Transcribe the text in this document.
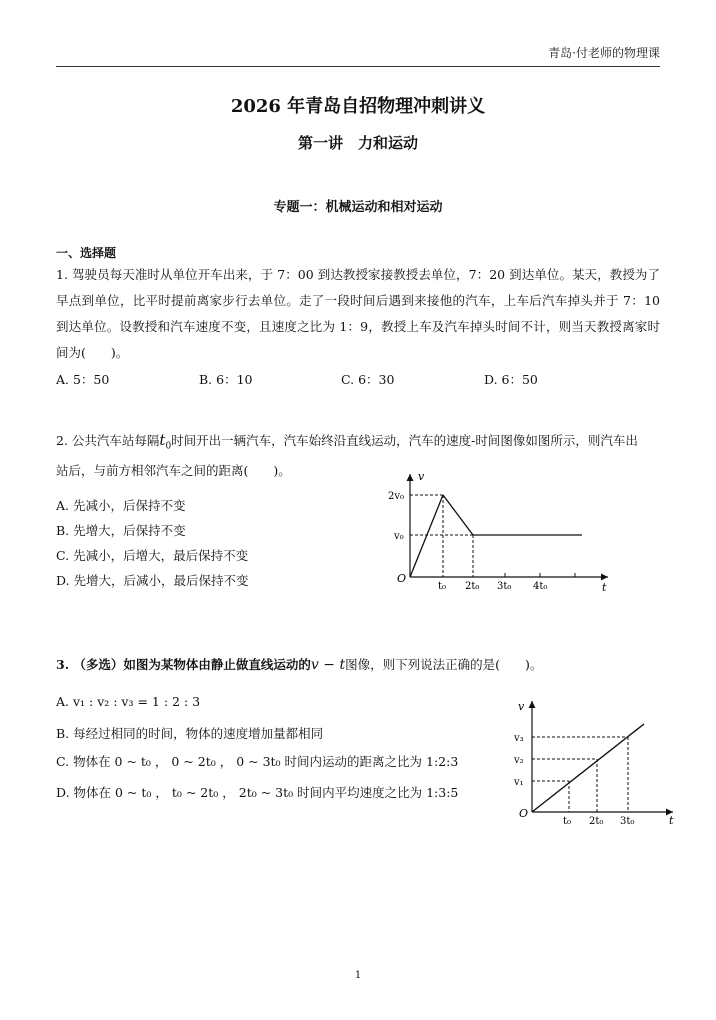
青岛·付老师的物理课
2026 年青岛自招物理冲刺讲义
第一讲　力和运动
专题一：机械运动和相对运动
一、选择题
1. 驾驶员每天准时从单位开车出来，于 7：00 到达教授家接教授去单位，7：20 到达单位。某天，教授为了早点到单位，比平时提前离家步行去单位。走了一段时间后遇到来接他的汽车，上车后汽车掉头并于 7：10 到达单位。设教授和汽车速度不变，且速度之比为 1：9，教授上车及汽车掉头时间不计，则当天教授离家时间为(　　)。
A. 5：50	B. 6：10	C. 6：30	D. 6：50
2. 公共汽车站每隔$t_0$时间开出一辆汽车，汽车始终沿直线运动，汽车的速度-时间图像如图所示，则汽车出
站后，与前方相邻汽车之间的距离(　　)。
A. 先减小，后保持不变
B. 先增大，后保持不变
C. 先减小，后增大，最后保持不变
D. 先增大，后减小，最后保持不变
v
t
O
2v₀
v₀
t₀ 2t₀ 3t₀ 4t₀
3. （多选）如图为某物体由静止做直线运动的v − t图像，则下列说法正确的是(　　)。
A. v₁ : v₂ : v₃ = 1 : 2 : 3
B. 每经过相同的时间，物体的速度增加量都相同
C. 物体在 0 ~ t₀ ， 0 ~ 2t₀ ， 0 ~ 3t₀ 时间内运动的距离之比为 1:2:3
D. 物体在 0 ~ t₀ ， t₀ ~ 2t₀ ， 2t₀ ~ 3t₀ 时间内平均速度之比为 1:3:5
v
t
O
v₃
v₂
v₁
t₀ 2t₀ 3t₀
1
